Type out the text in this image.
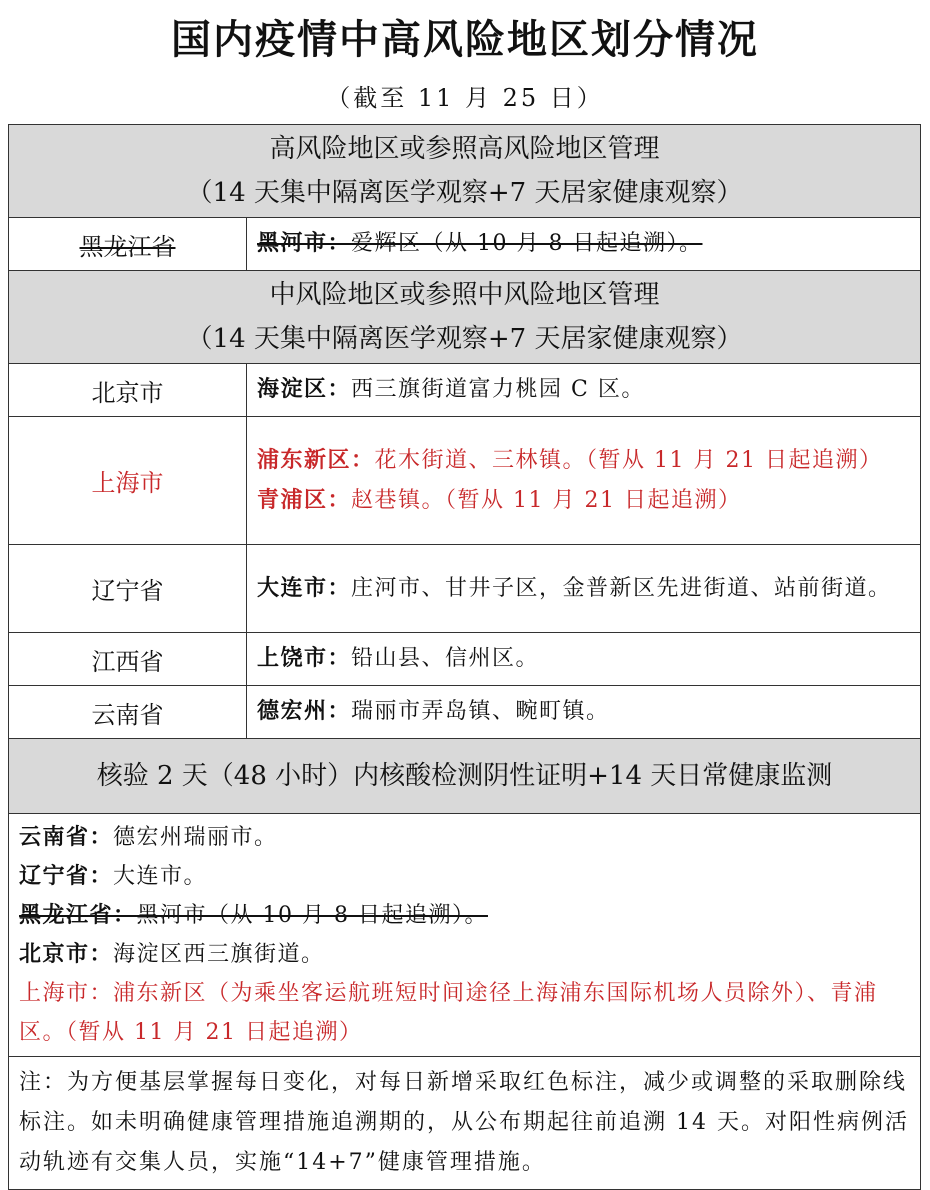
国内疫情中高风险地区划分情况
（截至 11 月 25 日）
高风险地区或参照高风险地区管理
（14 天集中隔离医学观察+7 天居家健康观察）	

黑龙江省	黑河市：爱辉区（从 10 月 8 日起追溯）。

中风险地区或参照中风险地区管理
（14 天集中隔离医学观察+7 天居家健康观察）	

北京市	海淀区：西三旗街道富力桃园 C 区。
上海市	浦东新区：花木街道、三林镇。（暂从 11 月 21 日起追溯）
青浦区：赵巷镇。（暂从 11 月 21 日起追溯）

辽宁省	大连市：庄河市、甘井子区，金普新区先进街道、站前街道。
江西省	上饶市：铅山县、信州区。
云南省	德宏州：瑞丽市弄岛镇、畹町镇。
核验 2 天（48 小时）内核酸检测阴性证明+14 天日常健康监测	

云南省：德宏州瑞丽市。
辽宁省：大连市。
黑龙江省：黑河市（从 10 月 8 日起追溯）。
北京市：海淀区西三旗街道。
上海市：浦东新区（为乘坐客运航班短时间途径上海浦东国际机场人员除外）、青浦区。（暂从 11 月 21 日起追溯）	

注：为方便基层掌握每日变化，对每日新增采取红色标注，减少或调整的采取删除线标注。如未明确健康管理措施追溯期的，从公布期起往前追溯 14 天。对阳性病例活动轨迹有交集人员，实施“14+7”健康管理措施。	
